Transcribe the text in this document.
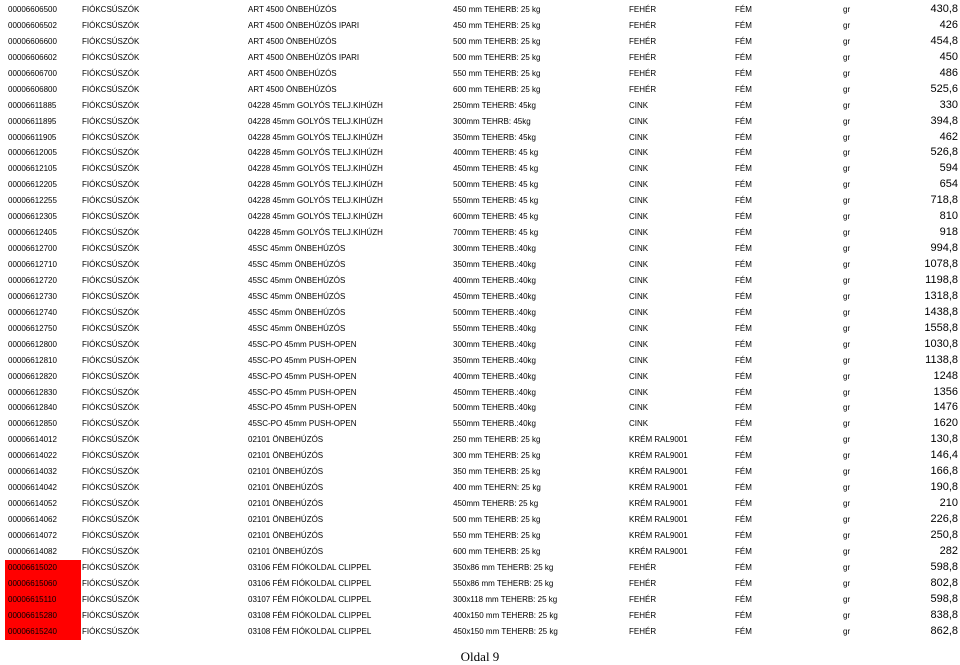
00006606500	FIÓKCSÚSZÓK	ART 4500 ÖNBEHÚZÓS	450 mm TEHERB: 25 kg	FEHÉR	FÉM	gr	430,8
00006606502	FIÓKCSÚSZÓK	ART 4500 ÖNBEHÚZÓS IPARI	450 mm TEHERB: 25 kg	FEHÉR	FÉM	gr	426
00006606600	FIÓKCSÚSZÓK	ART 4500 ÖNBEHÚZÓS	500 mm TEHERB: 25 kg	FEHÉR	FÉM	gr	454,8
00006606602	FIÓKCSÚSZÓK	ART 4500 ÖNBEHÚZÓS IPARI	500 mm TEHERB: 25 kg	FEHÉR	FÉM	gr	450
00006606700	FIÓKCSÚSZÓK	ART 4500 ÖNBEHÚZÓS	550 mm TEHERB: 25 kg	FEHÉR	FÉM	gr	486
00006606800	FIÓKCSÚSZÓK	ART 4500 ÖNBEHÚZÓS	600 mm TEHERB: 25 kg	FEHÉR	FÉM	gr	525,6
00006611885	FIÓKCSÚSZÓK	04228 45mm GOLYÓS TELJ.KIHÚZH	250mm TEHERB: 45kg	CINK	FÉM	gr	330
00006611895	FIÓKCSÚSZÓK	04228 45mm GOLYÓS TELJ.KIHÚZH	300mm TEHRB: 45kg	CINK	FÉM	gr	394,8
00006611905	FIÓKCSÚSZÓK	04228 45mm GOLYÓS TELJ.KIHÚZH	350mm TEHERB: 45kg	CINK	FÉM	gr	462
00006612005	FIÓKCSÚSZÓK	04228 45mm GOLYÓS TELJ.KIHÚZH	400mm TEHERB: 45 kg	CINK	FÉM	gr	526,8
00006612105	FIÓKCSÚSZÓK	04228 45mm GOLYÓS TELJ.KIHÚZH	450mm TEHERB: 45 kg	CINK	FÉM	gr	594
00006612205	FIÓKCSÚSZÓK	04228 45mm GOLYÓS TELJ.KIHÚZH	500mm TEHERB: 45 kg	CINK	FÉM	gr	654
00006612255	FIÓKCSÚSZÓK	04228 45mm GOLYÓS TELJ.KIHÚZH	550mm TEHERB: 45 kg	CINK	FÉM	gr	718,8
00006612305	FIÓKCSÚSZÓK	04228 45mm GOLYÓS TELJ.KIHÚZH	600mm TEHERB: 45 kg	CINK	FÉM	gr	810
00006612405	FIÓKCSÚSZÓK	04228 45mm GOLYÓS TELJ.KIHÚZH	700mm TEHERB: 45 kg	CINK	FÉM	gr	918
00006612700	FIÓKCSÚSZÓK	45SC 45mm ÖNBEHÚZÓS	300mm TEHERB.:40kg	CINK	FÉM	gr	994,8
00006612710	FIÓKCSÚSZÓK	45SC 45mm ÖNBEHÚZÓS	350mm TEHERB.:40kg	CINK	FÉM	gr	1078,8
00006612720	FIÓKCSÚSZÓK	45SC 45mm ÖNBEHÚZÓS	400mm TEHERB.:40kg	CINK	FÉM	gr	1198,8
00006612730	FIÓKCSÚSZÓK	45SC 45mm ÖNBEHÚZÓS	450mm TEHERB.:40kg	CINK	FÉM	gr	1318,8
00006612740	FIÓKCSÚSZÓK	45SC 45mm ÖNBEHÚZÓS	500mm TEHERB.:40kg	CINK	FÉM	gr	1438,8
00006612750	FIÓKCSÚSZÓK	45SC 45mm ÖNBEHÚZÓS	550mm TEHERB.:40kg	CINK	FÉM	gr	1558,8
00006612800	FIÓKCSÚSZÓK	45SC-PO 45mm PUSH-OPEN	300mm TEHERB.:40kg	CINK	FÉM	gr	1030,8
00006612810	FIÓKCSÚSZÓK	45SC-PO 45mm PUSH-OPEN	350mm TEHERB.:40kg	CINK	FÉM	gr	1138,8
00006612820	FIÓKCSÚSZÓK	45SC-PO 45mm PUSH-OPEN	400mm TEHERB.:40kg	CINK	FÉM	gr	1248
00006612830	FIÓKCSÚSZÓK	45SC-PO 45mm PUSH-OPEN	450mm TEHERB.:40kg	CINK	FÉM	gr	1356
00006612840	FIÓKCSÚSZÓK	45SC-PO 45mm PUSH-OPEN	500mm TEHERB.:40kg	CINK	FÉM	gr	1476
00006612850	FIÓKCSÚSZÓK	45SC-PO 45mm PUSH-OPEN	550mm TEHERB.:40kg	CINK	FÉM	gr	1620
00006614012	FIÓKCSÚSZÓK	02101 ÖNBEHÚZÓS	250 mm TEHERB: 25 kg	KRÉM RAL9001	FÉM	gr	130,8
00006614022	FIÓKCSÚSZÓK	02101 ÖNBEHÚZÓS	300 mm TEHERB: 25 kg	KRÉM RAL9001	FÉM	gr	146,4
00006614032	FIÓKCSÚSZÓK	02101 ÖNBEHÚZÓS	350 mm TEHERB: 25 kg	KRÉM RAL9001	FÉM	gr	166,8
00006614042	FIÓKCSÚSZÓK	02101 ÖNBEHÚZÓS	400 mm TEHERN: 25 kg	KRÉM RAL9001	FÉM	gr	190,8
00006614052	FIÓKCSÚSZÓK	02101 ÖNBEHÚZÓS	450mm TEHERB: 25 kg	KRÉM RAL9001	FÉM	gr	210
00006614062	FIÓKCSÚSZÓK	02101 ÖNBEHÚZÓS	500 mm TEHERB: 25 kg	KRÉM RAL9001	FÉM	gr	226,8
00006614072	FIÓKCSÚSZÓK	02101 ÖNBEHÚZÓS	550 mm TEHERB: 25 kg	KRÉM RAL9001	FÉM	gr	250,8
00006614082	FIÓKCSÚSZÓK	02101 ÖNBEHÚZÓS	600 mm TEHERB: 25 kg	KRÉM RAL9001	FÉM	gr	282
00006615020	FIÓKCSÚSZÓK	03106 FÉM FIÓKOLDAL CLIPPEL	350x86 mm TEHERB: 25 kg	FEHÉR	FÉM	gr	598,8
00006615060	FIÓKCSÚSZÓK	03106 FÉM FIÓKOLDAL CLIPPEL	550x86 mm TEHERB: 25 kg	FEHÉR	FÉM	gr	802,8
00006615110	FIÓKCSÚSZÓK	03107 FÉM FIÓKOLDAL CLIPPEL	300x118 mm TEHERB: 25 kg	FEHÉR	FÉM	gr	598,8
00006615280	FIÓKCSÚSZÓK	03108 FÉM FIÓKOLDAL CLIPPEL	400x150 mm TEHERB: 25 kg	FEHÉR	FÉM	gr	838,8
00006615240	FIÓKCSÚSZÓK	03108 FÉM FIÓKOLDAL CLIPPEL	450x150 mm TEHERB: 25 kg	FEHÉR	FÉM	gr	862,8
Oldal 9
